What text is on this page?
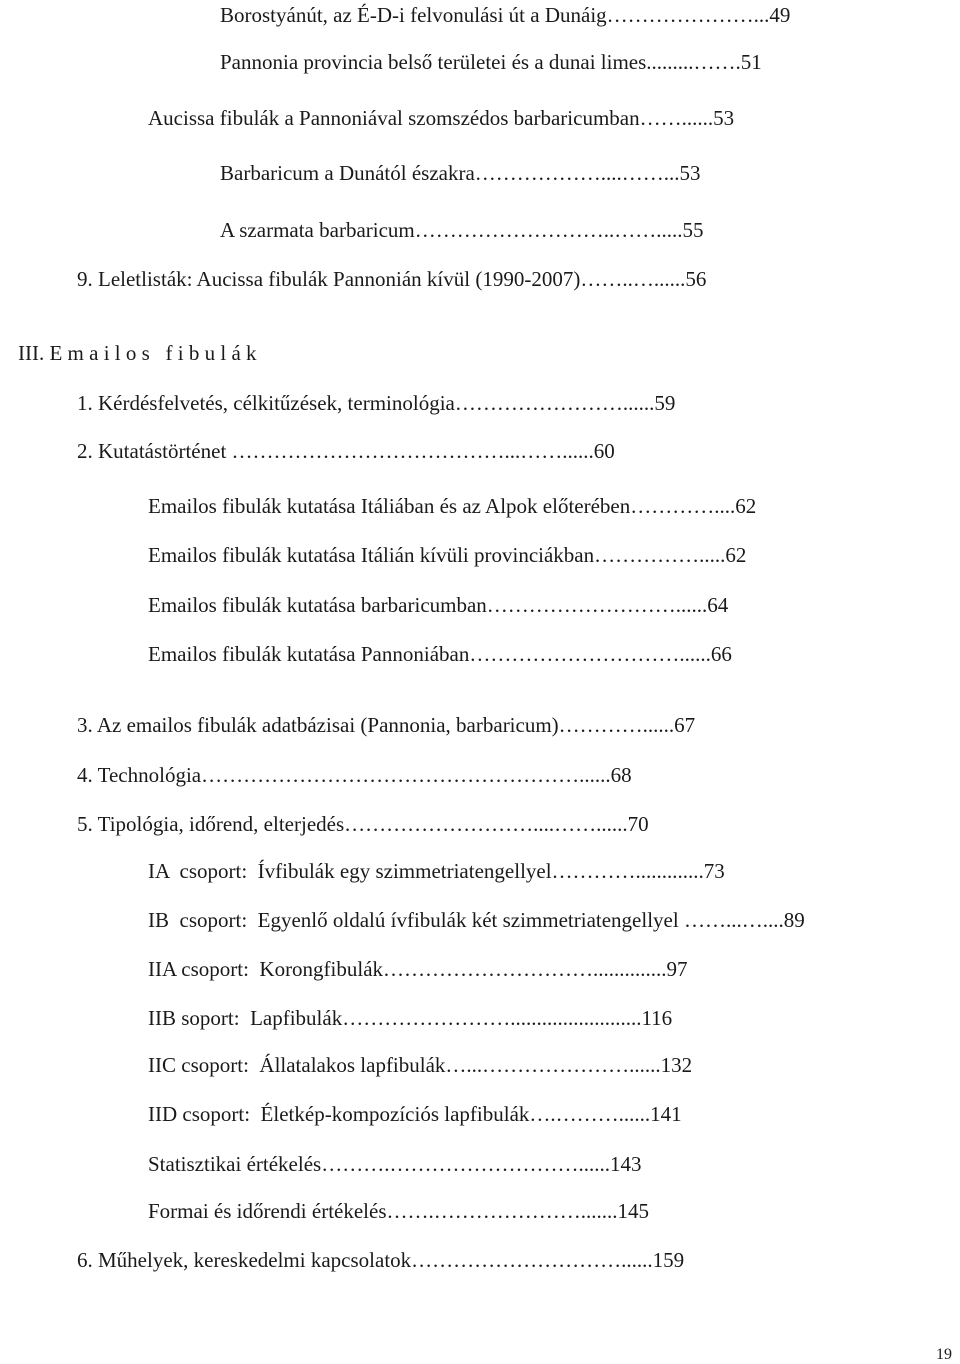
Borostyánút, az É-D-i felvonulási út a Dunáig…………………...49
Pannonia provincia belső területei és a dunai limes.........…….51
Aucissa fibulák a Pannoniával szomszédos barbaricumban……......53
Barbaricum a Dunától északra………………....……...53
A szarmata barbaricum………………………..…….....55
9. Leletlisták: Aucissa fibulák Pannonián kívül (1990-2007)……..…......56
III. E m a i l o s   f i b u l á k
1. Kérdésfelvetés, célkitűzések, terminológia……………………......59
2. Kutatástörténet …………………………………...……......60
Emailos fibulák kutatása Itáliában és az Alpok előterében…………....62
Emailos fibulák kutatása Itálián kívüli provinciákban…………….....62
Emailos fibulák kutatása barbaricumban………………………......64
Emailos fibulák kutatása Pannoniában…………………………......66
3. Az emailos fibulák adatbázisai (Pannonia, barbaricum)…………......67
4. Technológia………………………………………………......68
5. Tipológia, időrend, elterjedés………………………....……......70
IA  csoport:  Ívfibulák egy szimmetriatengellyel………….............73
IB  csoport:  Egyenlő oldalú ívfibulák két szimmetriatengellyel ……...…....89
IIA csoport:  Korongfibulák…………………………..............97
IIB soport:  Lapfibulák…………………….........................116
IIC csoport:  Állatalakos lapfibulák…...…………………......132
IID csoport:  Életkép-kompozíciós lapfibulák….………......141
Statisztikai értékelés……….………………………......143
Formai és időrendi értékelés…….………………….......145
6. Műhelyek, kereskedelmi kapcsolatok…………………………......159
19
